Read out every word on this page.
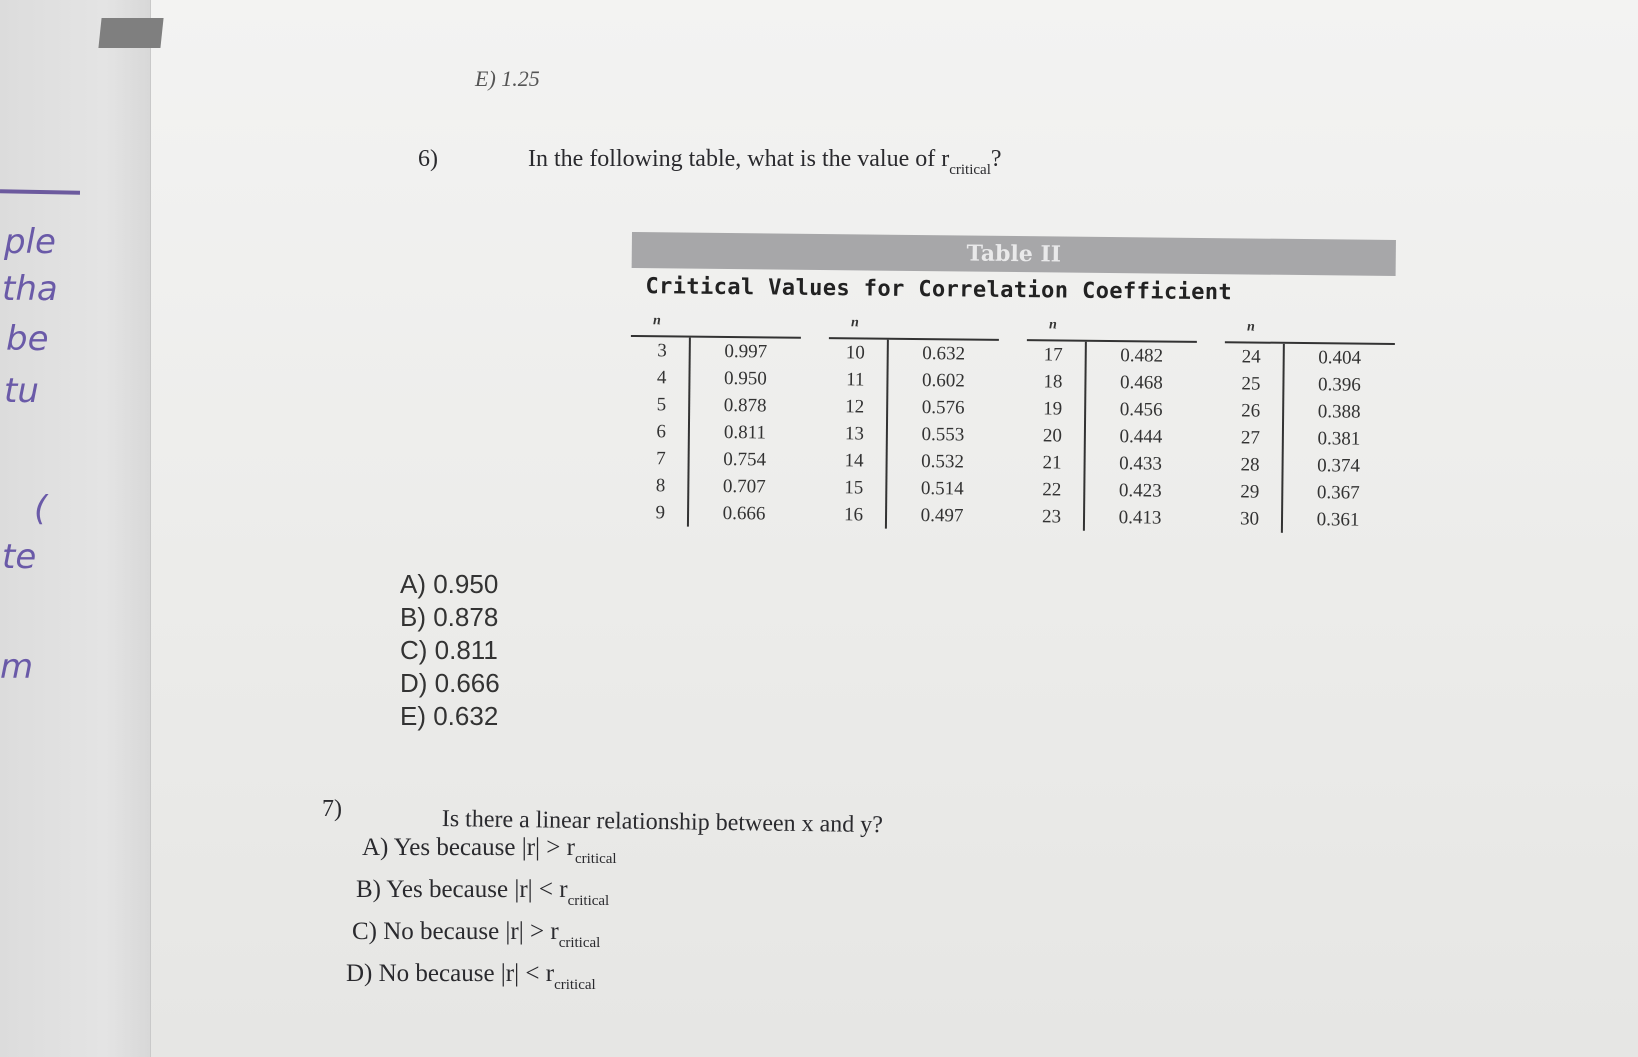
ple
tha
be
tu
(
te
m
E) 1.25
6)	In the following table, what is the value of $r_{critical}$?
Table II
Critical Values for Correlation Coefficient
n
3
4
5
6
7
8
9
0.997
0.950
0.878
0.811
0.754
0.707
0.666
n
10
11
12
13
14
15
16
0.632
0.602
0.576
0.553
0.532
0.514
0.497
n
17
18
19
20
21
22
23
0.482
0.468
0.456
0.444
0.433
0.423
0.413
n
24
25
26
27
28
29
30
0.404
0.396
0.388
0.381
0.374
0.367
0.361
A) 0.950
B) 0.878
C) 0.811
D) 0.666
E) 0.632
7)	Is there a linear relationship between x and y?
A) Yes because $|r| > r_{critical}$
B) Yes because $|r| < r_{critical}$
C) No because $|r| > r_{critical}$
D) No because $|r| < r_{critical}$
